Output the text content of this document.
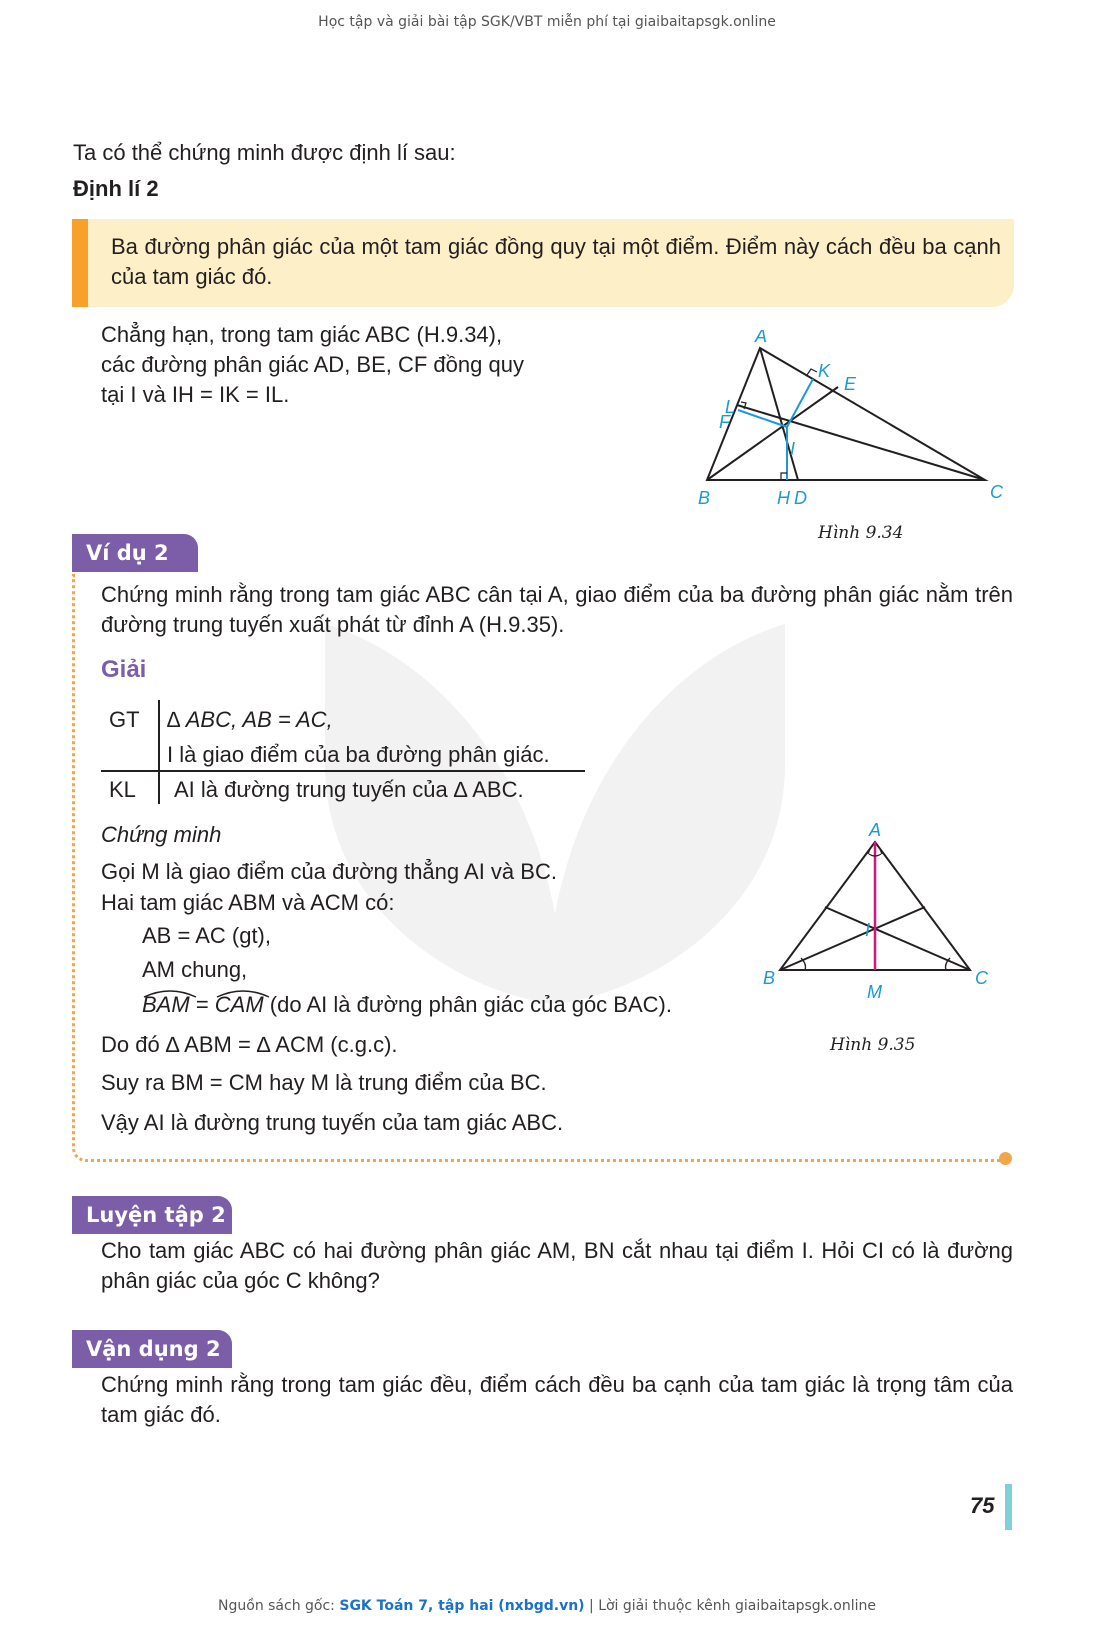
Học tập và giải bài tập SGK/VBT miễn phí tại giaibaitapsgk.online
Ta có thể chứng minh được định lí sau:
Định lí 2
Ba đường phân giác của một tam giác đồng quy tại một điểm. Điểm này cách đều ba cạnh của tam giác đó.
Chẳng hạn, trong tam giác ABC (H.9.34),
các đường phân giác AD, BE, CF đồng quy
tại I và IH = IK = IL.
A
B	C
D
E
F
H
I
K
L
Hình 9.34
Ví dụ 2
Chứng minh rằng trong tam giác ABC cân tại A, giao điểm của ba đường phân giác nằm trên đường trung tuyến xuất phát từ đỉnh A (H.9.35).
Giải
GT
KL
∆ ABC, AB = AC,
I là giao điểm của ba đường phân giác.
AI là đường trung tuyến của ∆ ABC.
Chứng minh
Gọi M là giao điểm của đường thẳng AI và BC.
Hai tam giác ABM và ACM có:
AB = AC (gt),
AM chung,
BAM =
CAM (do AI là đường phân giác của góc BAC).
Do đó ∆ ABM = ∆ ACM (c.g.c).
Suy ra BM = CM hay M là trung điểm của BC.
Vậy AI là đường trung tuyến của tam giác ABC.
A
B	C
I
M
Hình 9.35
Luyện tập 2
Cho tam giác ABC có hai đường phân giác AM, BN cắt nhau tại điểm I. Hỏi CI có là đường phân giác của góc C không?
Vận dụng 2
Chứng minh rằng trong tam giác đều, điểm cách đều ba cạnh của tam giác là trọng tâm của tam giác đó.
75
Nguồn sách gốc: SGK Toán 7, tập hai (nxbgd.vn) | Lời giải thuộc kênh giaibaitapsgk.online
